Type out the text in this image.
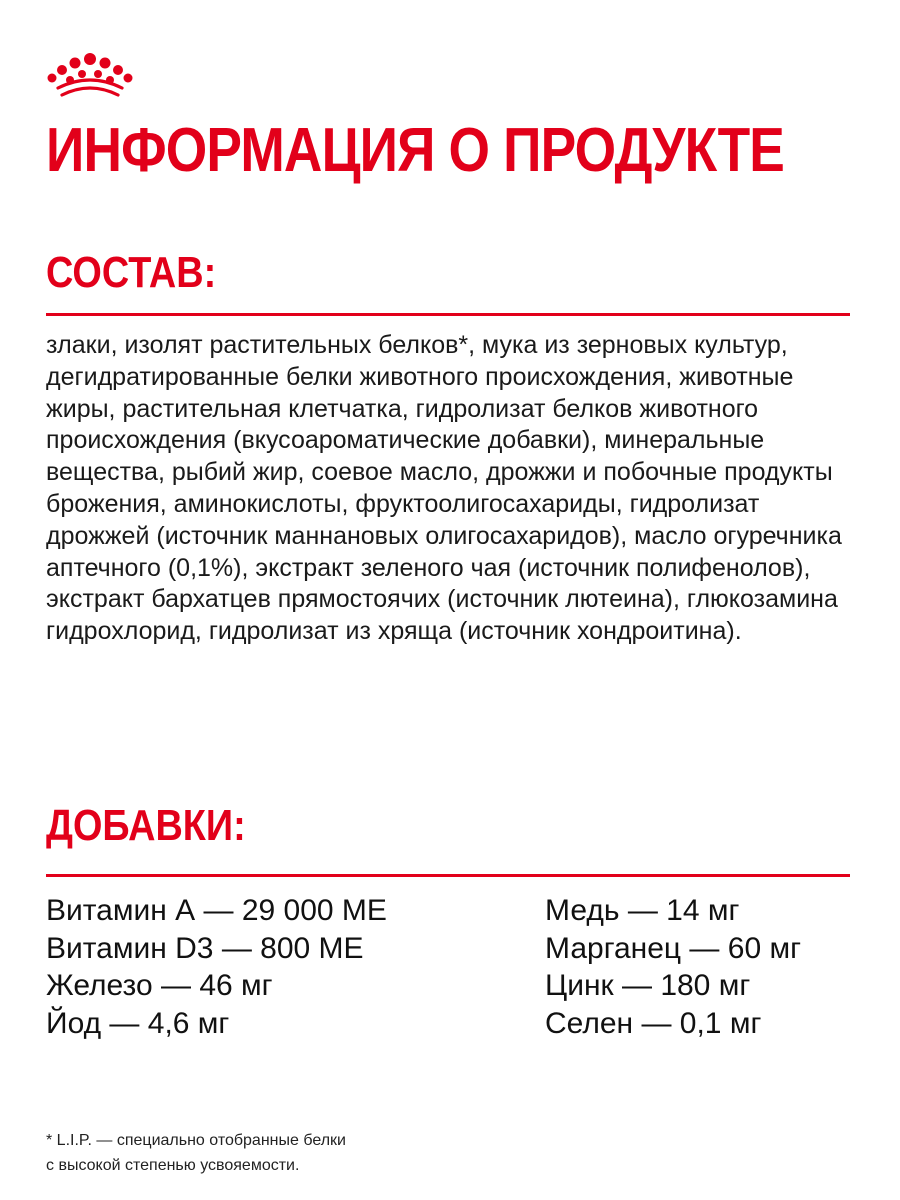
ИНФОРМАЦИЯ О ПРОДУКТЕ
СОСТАВ:

злаки, изолят растительных белков*, мука из зерновых культур, дегидратированные белки животного происхождения, животные жиры, растительная клетчатка, гидролизат белков животного происхождения (вкусоароматические добавки), минеральные вещества, рыбий жир, соевое масло, дрожжи и побочные продукты брожения, аминокислоты, фруктоолигосахариды, гидролизат дрожжей (источник маннановых олигосахаридов), масло огуречника аптечного (0,1%), экстракт зеленого чая (источник полифенолов), экстракт бархатцев прямостоячих (источник лютеина), глюкозамина гидрохлорид, гидролизат из хряща (источник хондроитина).

ДОБАВКИ:
Витамин А — 29 000 МЕ
Витамин D3 — 800 МЕ
Железо — 46 мг
Йод — 4,6 мг
Медь — 14 мг
Марганец — 60 мг
Цинк — 180 мг
Селен — 0,1 мг

* L.I.P. — специально отобранные белки
с высокой степенью усвояемости.
